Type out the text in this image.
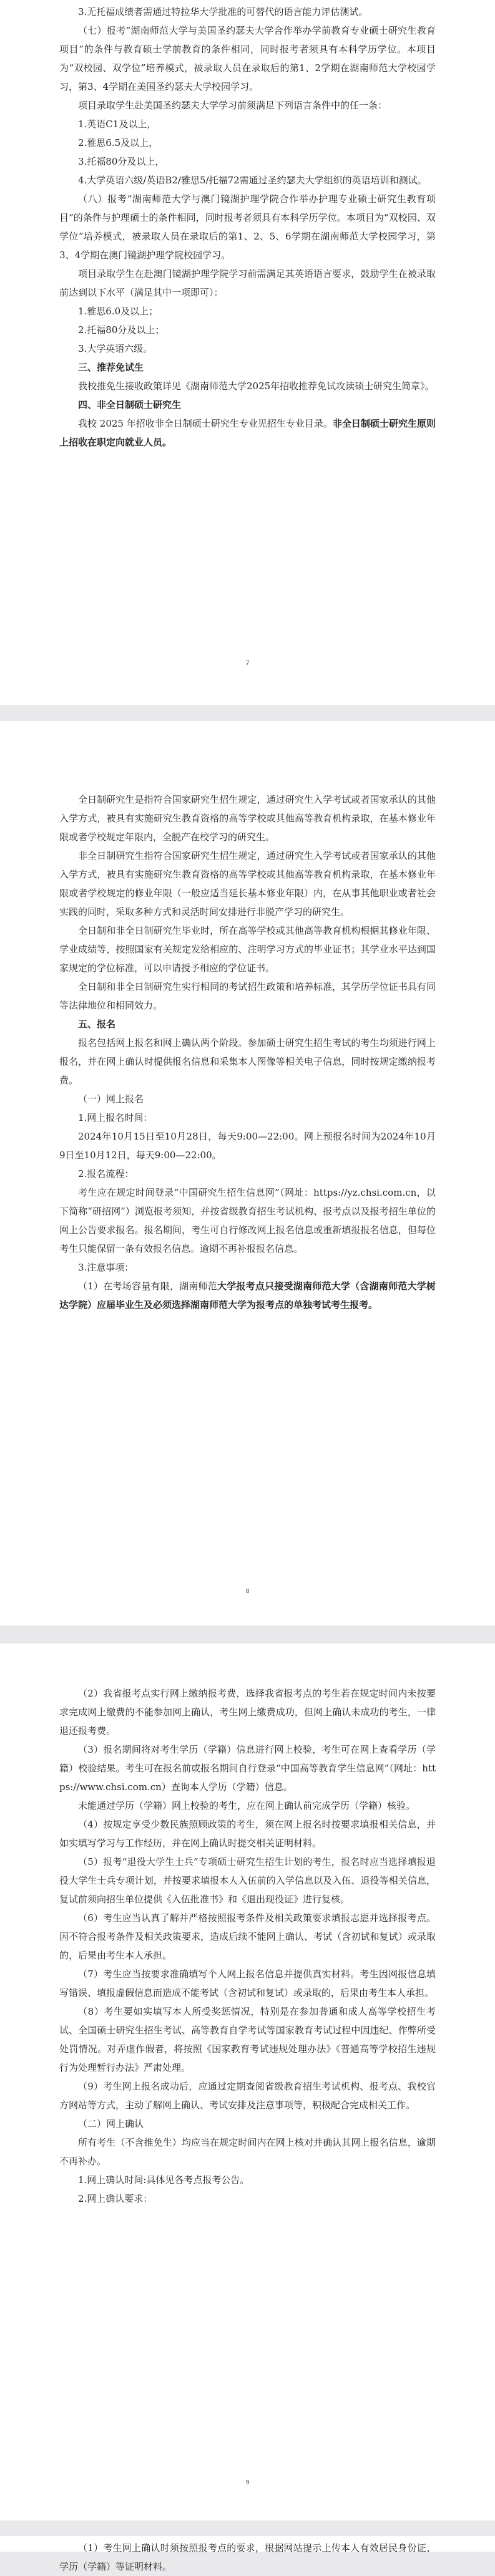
3.无托福成绩者需通过特拉华大学批准的可替代的语言能力评估测试。

（七）报考“湖南师范大学与美国圣约瑟夫大学合作举办学前教育专业硕士研究生教育项目”的条件与教育硕士学前教育的条件相同，同时报考者须具有本科学历学位。本项目为“双校园、双学位”培养模式，被录取人员在录取后的第1、2学期在湖南师范大学校园学习，第3、4学期在美国圣约瑟夫大学校园学习。

项目录取学生赴美国圣约瑟夫大学学习前须满足下列语言条件中的任一条：

1.英语C1及以上，

2.雅思6.5及以上，

3.托福80分及以上，

4.大学英语六级/英语B2/雅思5/托福72需通过圣约瑟夫大学组织的英语培训和测试。

（八）报考“湖南师范大学与澳门镜湖护理学院合作举办护理专业硕士研究生教育项目”的条件与护理硕士的条件相同，同时报考者须具有本科学历学位。本项目为“双校园、双学位”培养模式，被录取人员在录取后的第1、2、5、6学期在湖南师范大学校园学习，第3、4学期在澳门镜湖护理学院校园学习。

项目录取学生在赴澳门镜湖护理学院学习前需满足其英语语言要求，鼓励学生在被录取前达到以下水平（满足其中一项即可）：

1.雅思6.0及以上；

2.托福80分及以上；

3.大学英语六级。

三、推荐免试生

我校推免生接收政策详见《湖南师范大学2025年招收推荐免试攻读硕士研究生简章》。

四、非全日制硕士研究生

我校 2025 年招收非全日制硕士研究生专业见招生专业目录。非全日制硕士研究生原则上招收在职定向就业人员。

7

全日制研究生是指符合国家研究生招生规定，通过研究生入学考试或者国家承认的其他入学方式，被具有实施研究生教育资格的高等学校或其他高等教育机构录取，在基本修业年限或者学校规定年限内，全脱产在校学习的研究生。

非全日制研究生指符合国家研究生招生规定，通过研究生入学考试或者国家承认的其他入学方式，被具有实施研究生教育资格的高等学校或其他高等教育机构录取，在基本修业年限或者学校规定的修业年限（一般应适当延长基本修业年限）内，在从事其他职业或者社会实践的同时，采取多种方式和灵活时间安排进行非脱产学习的研究生。

全日制和非全日制研究生毕业时，所在高等学校或其他高等教育机构根据其修业年限、学业成绩等，按照国家有关规定发给相应的、注明学习方式的毕业证书；其学业水平达到国家规定的学位标准，可以申请授予相应的学位证书。

全日制和非全日制研究生实行相同的考试招生政策和培养标准，其学历学位证书具有同等法律地位和相同效力。

五、报名

报名包括网上报名和网上确认两个阶段。参加硕士研究生招生考试的考生均须进行网上报名，并在网上确认时提供报名信息和采集本人图像等相关电子信息，同时按规定缴纳报考费。

（一）网上报名

1.网上报名时间：

2024年10月15日至10月28日，每天9:00—22:00。网上预报名时间为2024年10月9日至10月12日，每天9:00—22:00。

2.报名流程：

考生应在规定时间登录“中国研究生招生信息网”（网址：https://yz.chsi.com.cn，以下简称“研招网”）浏览报考须知，并按省级教育招生考试机构、报考点以及报考招生单位的网上公告要求报名。报名期间，考生可自行修改网上报名信息或重新填报报名信息，但每位考生只能保留一条有效报名信息。逾期不再补报报名信息。

3.注意事项：

（1）在考场容量有限，湖南师范大学报考点只接受湖南师范大学（含湖南师范大学树达学院）应届毕业生及必须选择湖南师范大学为报考点的单独考试考生报考。

8

（2）我省报考点实行网上缴纳报考费，选择我省报考点的考生若在规定时间内未按要求完成网上缴费的不能参加网上确认，考生网上缴费成功，但网上确认未成功的考生，一律退还报考费。

（3）报名期间将对考生学历（学籍）信息进行网上校验，考生可在网上查看学历（学籍）校验结果。考生可在报名前或报名期间自行登录“中国高等教育学生信息网”（网址：https://www.chsi.com.cn）查询本人学历（学籍）信息。

未能通过学历（学籍）网上校验的考生，应在网上确认前完成学历（学籍）核验。

（4）按规定享受少数民族照顾政策的考生，须在网上报名时按要求填报相关信息，并如实填写学习与工作经历，并在网上确认时提交相关证明材料。

（5）报考“退役大学生士兵”专项硕士研究生招生计划的考生，报名时应当选择填报退役大学生士兵专项计划，并按要求填报本人入伍前的入学信息以及入伍、退役等相关信息，复试前须向招生单位提供《入伍批准书》和《退出现役证》进行复核。

（6）考生应当认真了解并严格按照报考条件及相关政策要求填报志愿并选择报考点。因不符合报考条件及相关政策要求，造成后续不能网上确认、考试（含初试和复试）或录取的，后果由考生本人承担。

（7）考生应当按要求准确填写个人网上报名信息并提供真实材料。考生因网报信息填写错误、填报虚假信息而造成不能考试（含初试和复试）或录取的，后果由考生本人承担。

（8）考生要如实填写本人所受奖惩情况，特别是在参加普通和成人高等学校招生考试、全国硕士研究生招生考试、高等教育自学考试等国家教育考试过程中因违纪、作弊所受处罚情况。对弄虚作假者，将按照《国家教育考试违规处理办法》《普通高等学校招生违规行为处理暂行办法》严肃处理。

（9）考生网上报名成功后，应通过定期查阅省级教育招生考试机构、报考点、我校官方网站等方式，主动了解网上确认、考试安排及注意事项等，积极配合完成相关工作。

（二）网上确认

所有考生（不含推免生）均应当在规定时间内在网上核对并确认其网上报名信息，逾期不再补办。

1.网上确认时间:具体见各考点报考公告。

2.网上确认要求：

9

（1）考生网上确认时须按照报考点的要求，根据网站提示上传本人有效居民身份证、学历（学籍）等证明材料。
